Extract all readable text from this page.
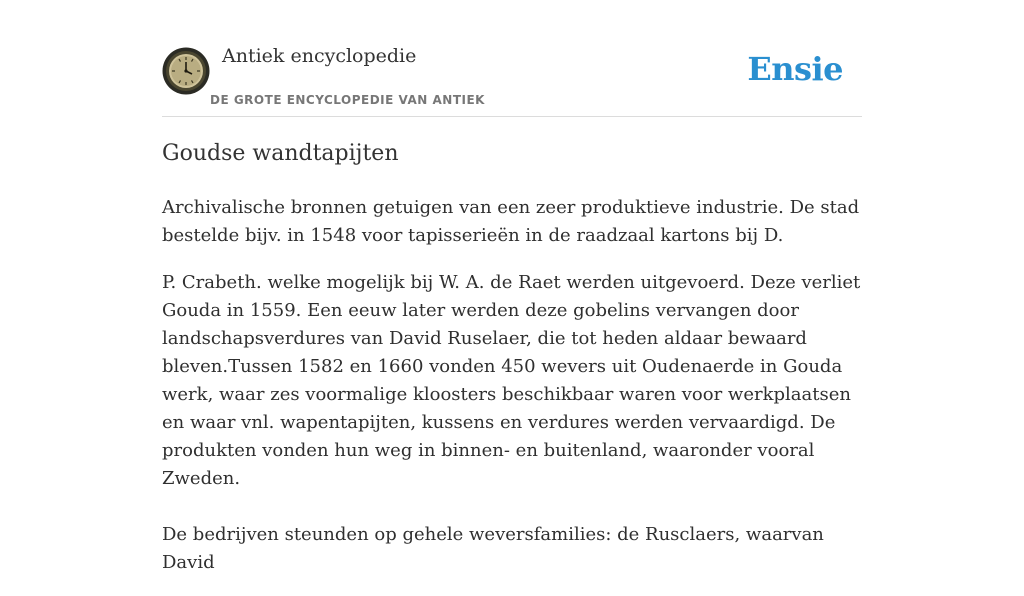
Antiek encyclopedie
DE GROTE ENCYCLOPEDIE VAN ANTIEK
Ensie
Goudse wandtapijten

Archivalische bronnen getuigen van een zeer produktieve industrie. De stad bestelde bijv. in 1548 voor tapisserieën in de raadzaal kartons bij D.

P. Crabeth. welke mogelijk bij W. A. de Raet werden uitgevoerd. Deze verliet Gouda in 1559. Een eeuw later werden deze gobelins vervangen door landschapsverdures van David Ruselaer, die tot heden aldaar bewaard bleven.Tussen 1582 en 1660 vonden 450 wevers uit Oudenaerde in Gouda werk, waar zes voormalige kloosters beschikbaar waren voor werkplaatsen en waar vnl. wapentapijten, kussens en verdures werden vervaardigd. De produkten vonden hun weg in binnen- en buitenland, waaronder vooral Zweden.

De bedrijven steunden op gehele weversfamilies: de Rusclaers, waarvan David
